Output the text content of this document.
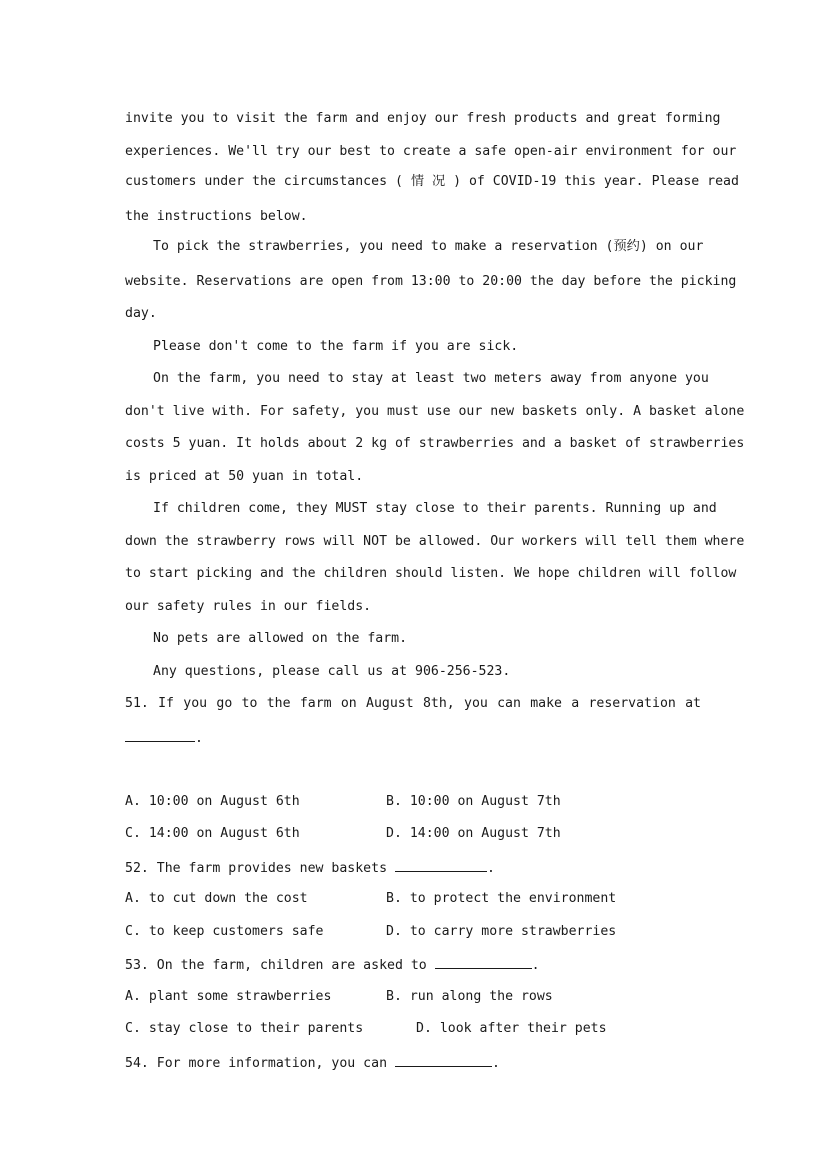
invite you to visit the farm and enjoy our fresh products and great forming
experiences. We'll try our best to create a safe open-air environment for our
customers under the circumstances ( 情 况 ) of COVID-19 this year. Please read
the instructions below.
To pick the strawberries, you need to make a reservation (预约) on our
website. Reservations are open from 13:00 to 20:00 the day before the picking
day.
Please don't come to the farm if you are sick.
On the farm, you need to stay at least two meters away from anyone you
don't live with. For safety, you must use our new baskets only. A basket alone
costs 5 yuan. It holds about 2 kg of strawberries and a basket of strawberries
is priced at 50 yuan in total.
If children come, they MUST stay close to their parents. Running up and
down the strawberry rows will NOT be allowed. Our workers will tell them where
to start picking and the children should listen. We hope children will follow
our safety rules in our fields.
No pets are allowed on the farm.
Any questions, please call us at 906-256-523.
51. If you go to the farm on August 8th, you can make a reservation at
.
A. 10:00 on August 6th	B. 10:00 on August 7th
C. 14:00 on August 6th	D. 14:00 on August 7th
52. The farm provides new baskets	.
A. to cut down the cost	B. to protect the environment
C. to keep customers safe	D. to carry more strawberries
53. On the farm, children are asked to	.
A. plant some strawberries	B. run along the rows
C. stay close to their parents	D. look after their pets
54. For more information, you can	.
